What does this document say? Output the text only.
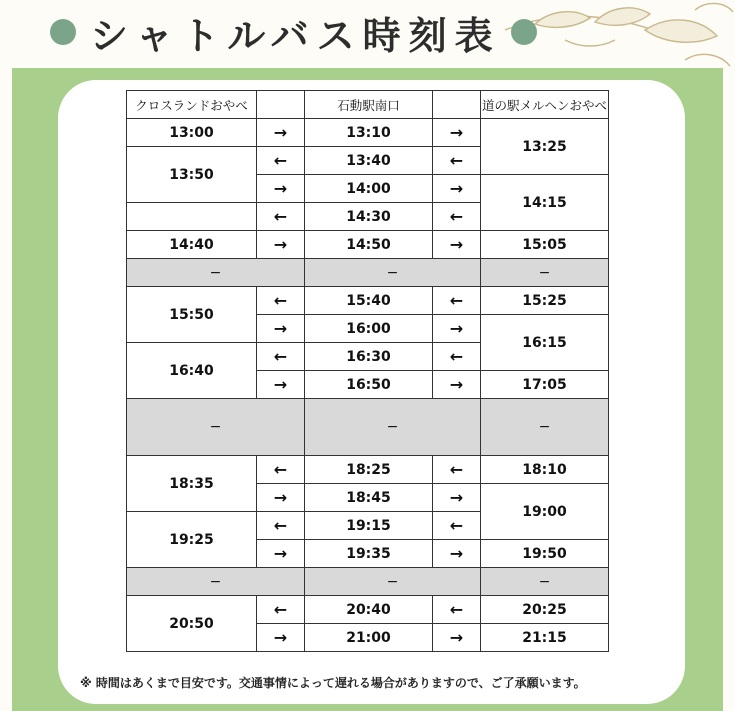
シャトルバス時刻表
クロスランドおやべ		石動駅南口		道の駅メルヘンおやべ
13:00	→	13:10	→	13:25
13:50	←	13:40	←	
	→	14:00	→	14:15
	←	14:30	←	
14:40	→	14:50	→	15:05
−		−		−
15:50	←	15:40	←	15:25
	→	16:00	→	16:15
16:40	←	16:30	←	
	→	16:50	→	17:05
−		−		−
18:35	←	18:25	←	18:10
	→	18:45	→	19:00
19:25	←	19:15	←	
	→	19:35	→	19:50
−		−		−
20:50	←	20:40	←	20:25
	→	21:00	→	21:15
※ 時間はあくまで目安です。交通事情によって遅れる場合がありますので、ご了承願います。
